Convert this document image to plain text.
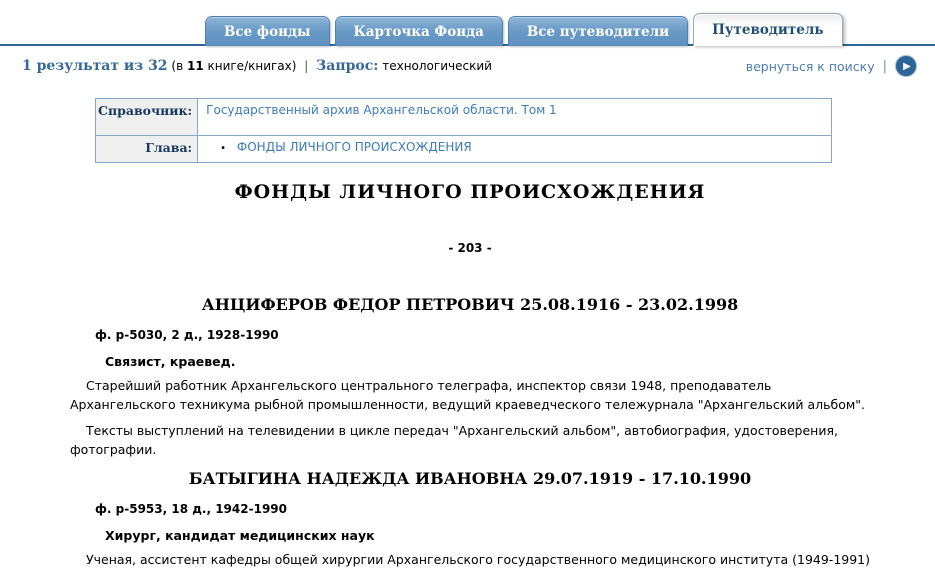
Все фонды	Карточка Фонда	Все путеводители	Путеводитель
1 результат из 32 (в 11 книге/книгах) | Запрос: технологический	вернуться к поиску | ▶
Справочник:	Государственный архив Архангельской области. Том 1
Глава:	• ФОНДЫ ЛИЧНОГО ПРОИСХОЖДЕНИЯ
ФОНДЫ ЛИЧНОГО ПРОИСХОЖДЕНИЯ
- 203 -
АНЦИФЕРОВ ФЕДОР ПЕТРОВИЧ 25.08.1916 - 23.02.1998
ф. р-5030, 2 д., 1928-1990
Связист, краевед.

Старейший работник Архангельского центрального телеграфа, инспектор связи 1948, преподаватель Архангельского техникума рыбной промышленности, ведущий краеведческого тележурнала "Архангельский альбом".

Тексты выступлений на телевидении в цикле передач "Архангельский альбом", автобиография, удостоверения, фотографии.

БАТЫГИНА НАДЕЖДА ИВАНОВНА 29.07.1919 - 17.10.1990
ф. р-5953, 18 д., 1942-1990
Хирург, кандидат медицинских наук

Ученая, ассистент кафедры общей хирургии Архангельского государственного медицинского института (1949-1991)
